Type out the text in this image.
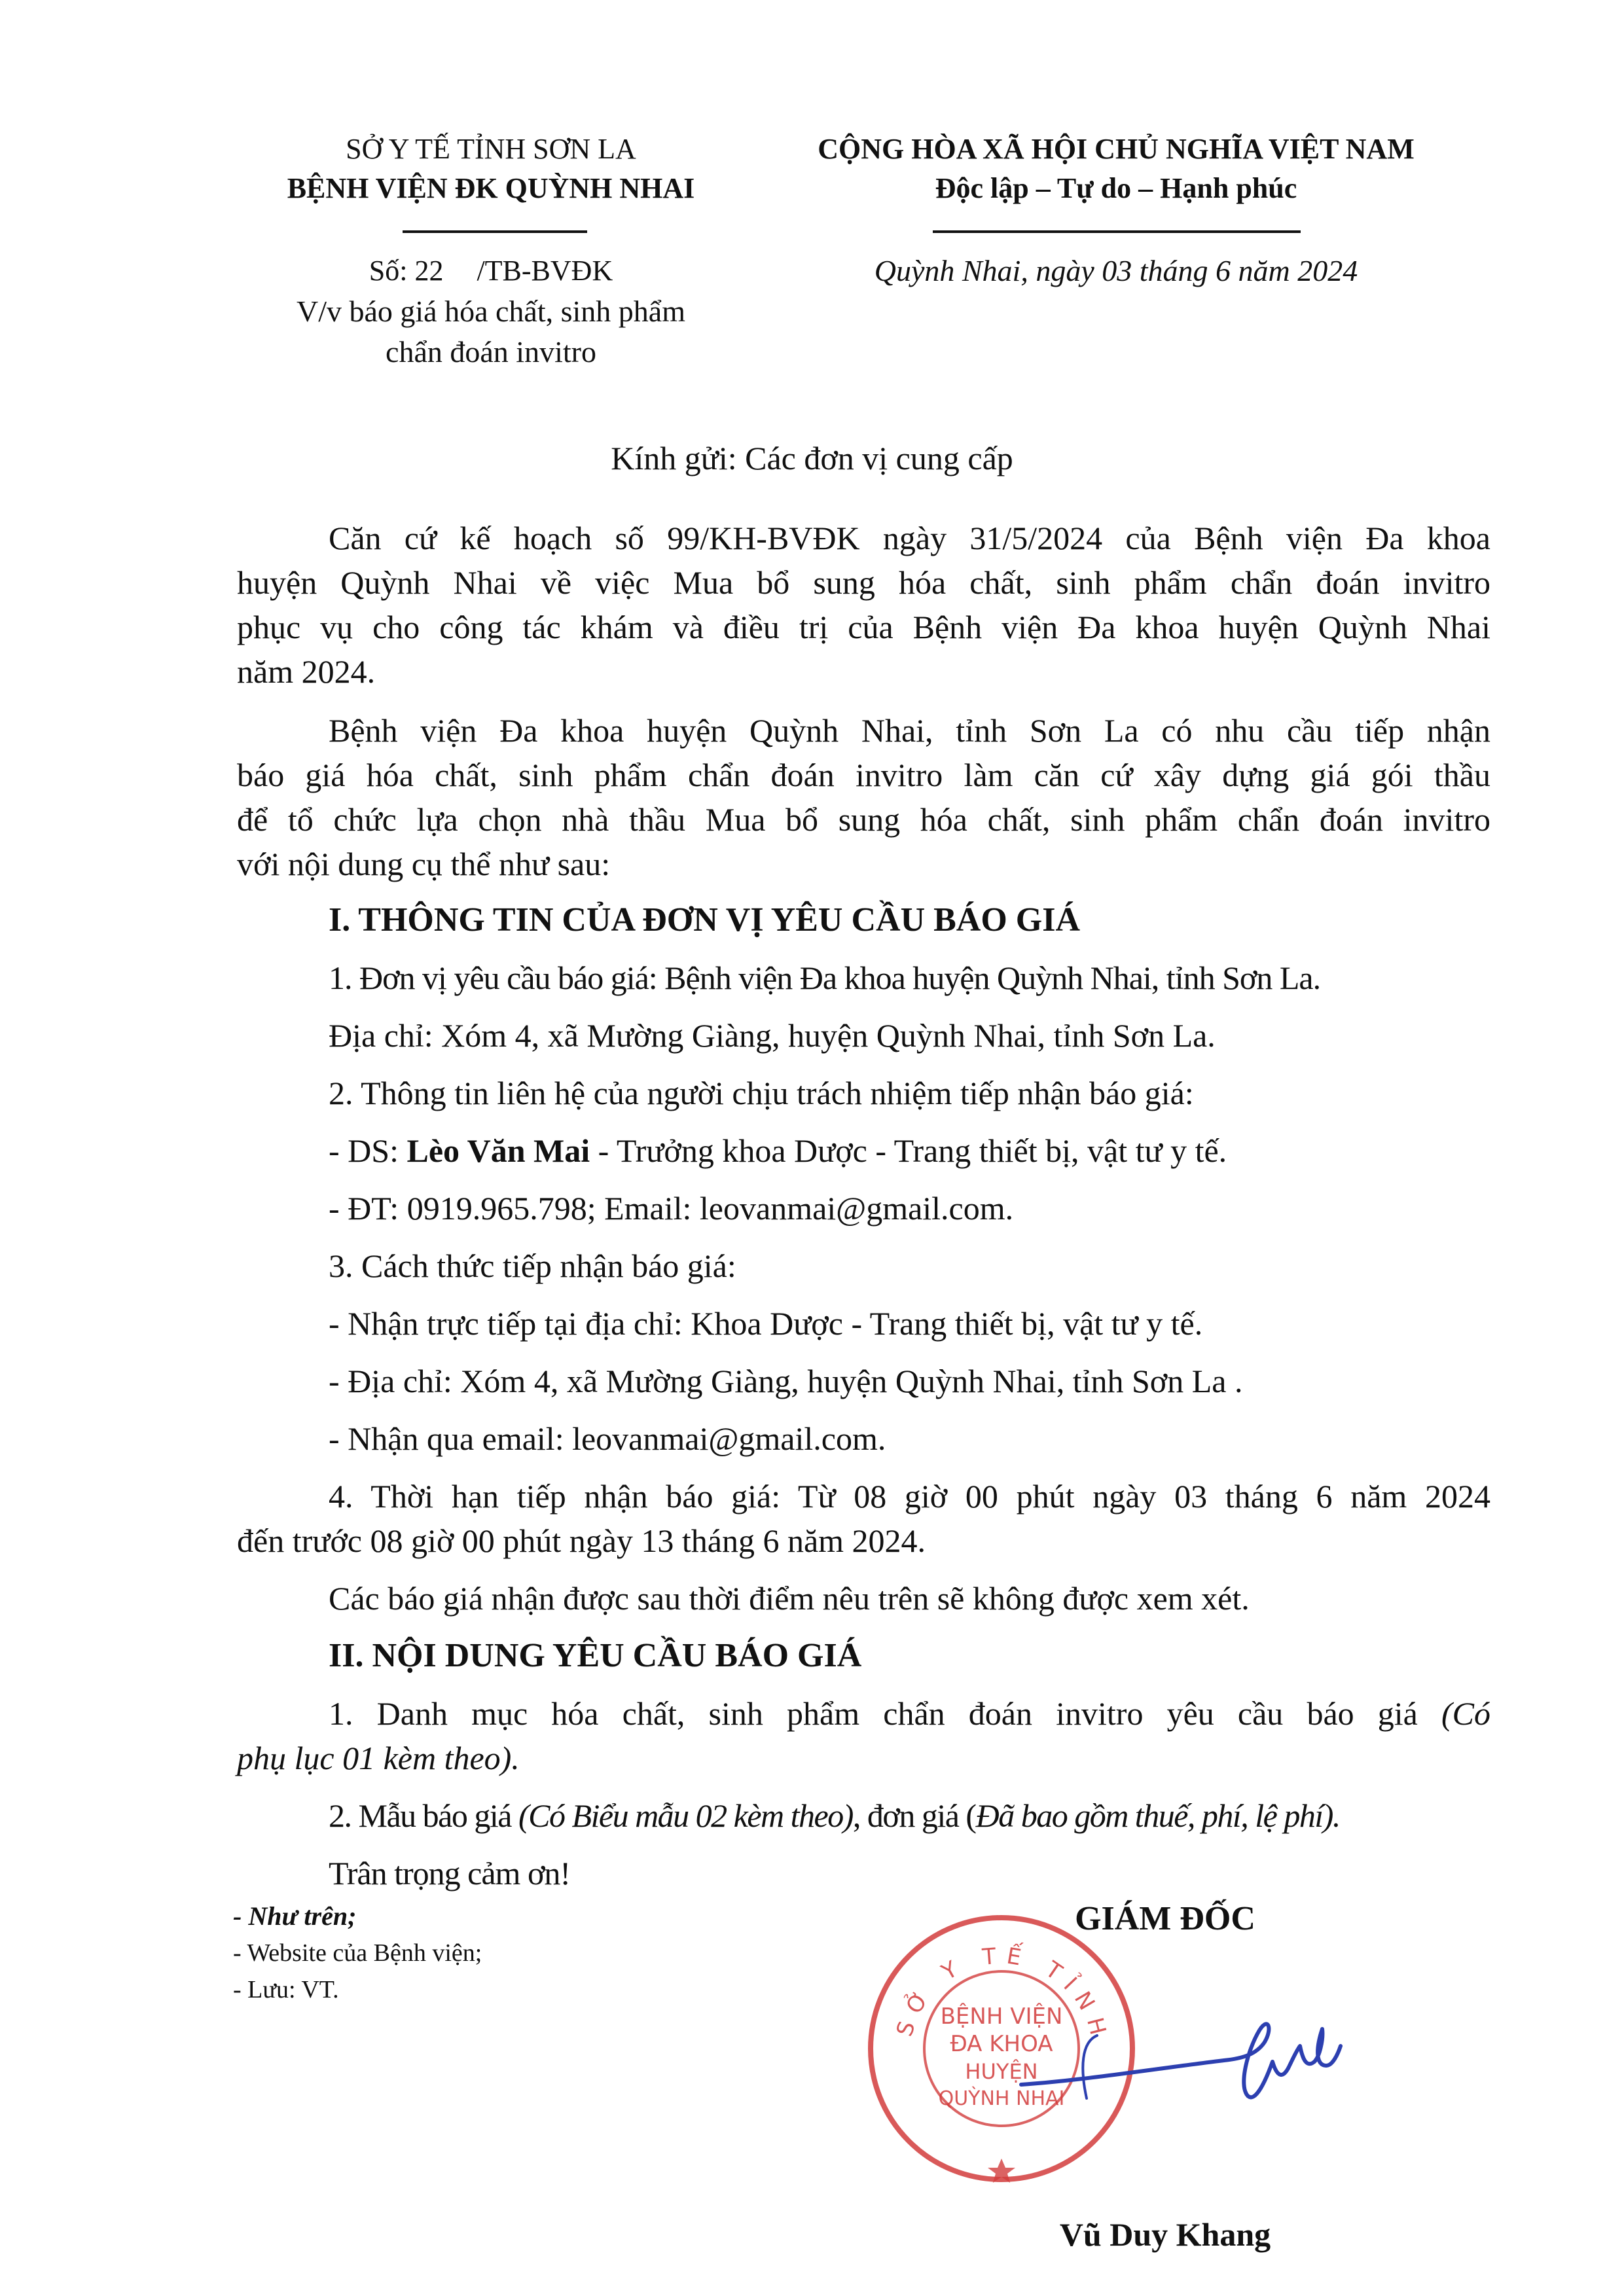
SỞ Y TẾ TỈNH SƠN LA
BỆNH VIỆN ĐK QUỲNH NHAI
Số: 22 /TB-BVĐK
V/v báo giá hóa chất, sinh phẩm
chẩn đoán invitro
CỘNG HÒA XÃ HỘI CHỦ NGHĨA VIỆT NAM
Độc lập – Tự do – Hạnh phúc
Quỳnh Nhai, ngày 03 tháng 6 năm 2024
Kính gửi: Các đơn vị cung cấp
Căn cứ kế hoạch số 99/KH-BVĐK ngày 31/5/2024 của Bệnh viện Đa khoa
huyện Quỳnh Nhai về việc Mua bổ sung hóa chất, sinh phẩm chẩn đoán invitro
phục vụ cho công tác khám và điều trị của Bệnh viện Đa khoa huyện Quỳnh Nhai
năm 2024.
Bệnh viện Đa khoa huyện Quỳnh Nhai, tỉnh Sơn La có nhu cầu tiếp nhận
báo giá hóa chất, sinh phẩm chẩn đoán invitro làm căn cứ xây dựng giá gói thầu
để tổ chức lựa chọn nhà thầu Mua bổ sung hóa chất, sinh phẩm chẩn đoán invitro
với nội dung cụ thể như sau:
I. THÔNG TIN CỦA ĐƠN VỊ YÊU CẦU BÁO GIÁ
1. Đơn vị yêu cầu báo giá: Bệnh viện Đa khoa huyện Quỳnh Nhai, tỉnh Sơn La.
Địa chỉ: Xóm 4, xã Mường Giàng, huyện Quỳnh Nhai, tỉnh Sơn La.
2. Thông tin liên hệ của người chịu trách nhiệm tiếp nhận báo giá:
- DS: Lèo Văn Mai - Trưởng khoa Dược - Trang thiết bị, vật tư y tế.
- ĐT: 0919.965.798; Email: leovanmai@gmail.com.
3. Cách thức tiếp nhận báo giá:
- Nhận trực tiếp tại địa chỉ: Khoa Dược - Trang thiết bị, vật tư y tế.
- Địa chỉ: Xóm 4, xã Mường Giàng, huyện Quỳnh Nhai, tỉnh Sơn La .
- Nhận qua email: leovanmai@gmail.com.
4. Thời hạn tiếp nhận báo giá: Từ 08 giờ 00 phút ngày 03 tháng 6 năm 2024
đến trước 08 giờ 00 phút ngày 13 tháng 6 năm 2024.
Các báo giá nhận được sau thời điểm nêu trên sẽ không được xem xét.
II. NỘI DUNG YÊU CẦU BÁO GIÁ
1. Danh mục hóa chất, sinh phẩm chẩn đoán invitro yêu cầu báo giá (Có
phụ lục 01 kèm theo).
2. Mẫu báo giá (Có Biểu mẫu 02 kèm theo), đơn giá (Đã bao gồm thuế, phí, lệ phí).
Trân trọng cảm ơn!
- Như trên;
- Website của Bệnh viện;
- Lưu: VT.
GIÁM ĐỐC
SỞ Y TẾ TỈNH
BỆNH VIỆN
ĐA KHOA
HUYỆN
QUỲNH NHAI
Vũ Duy Khang
